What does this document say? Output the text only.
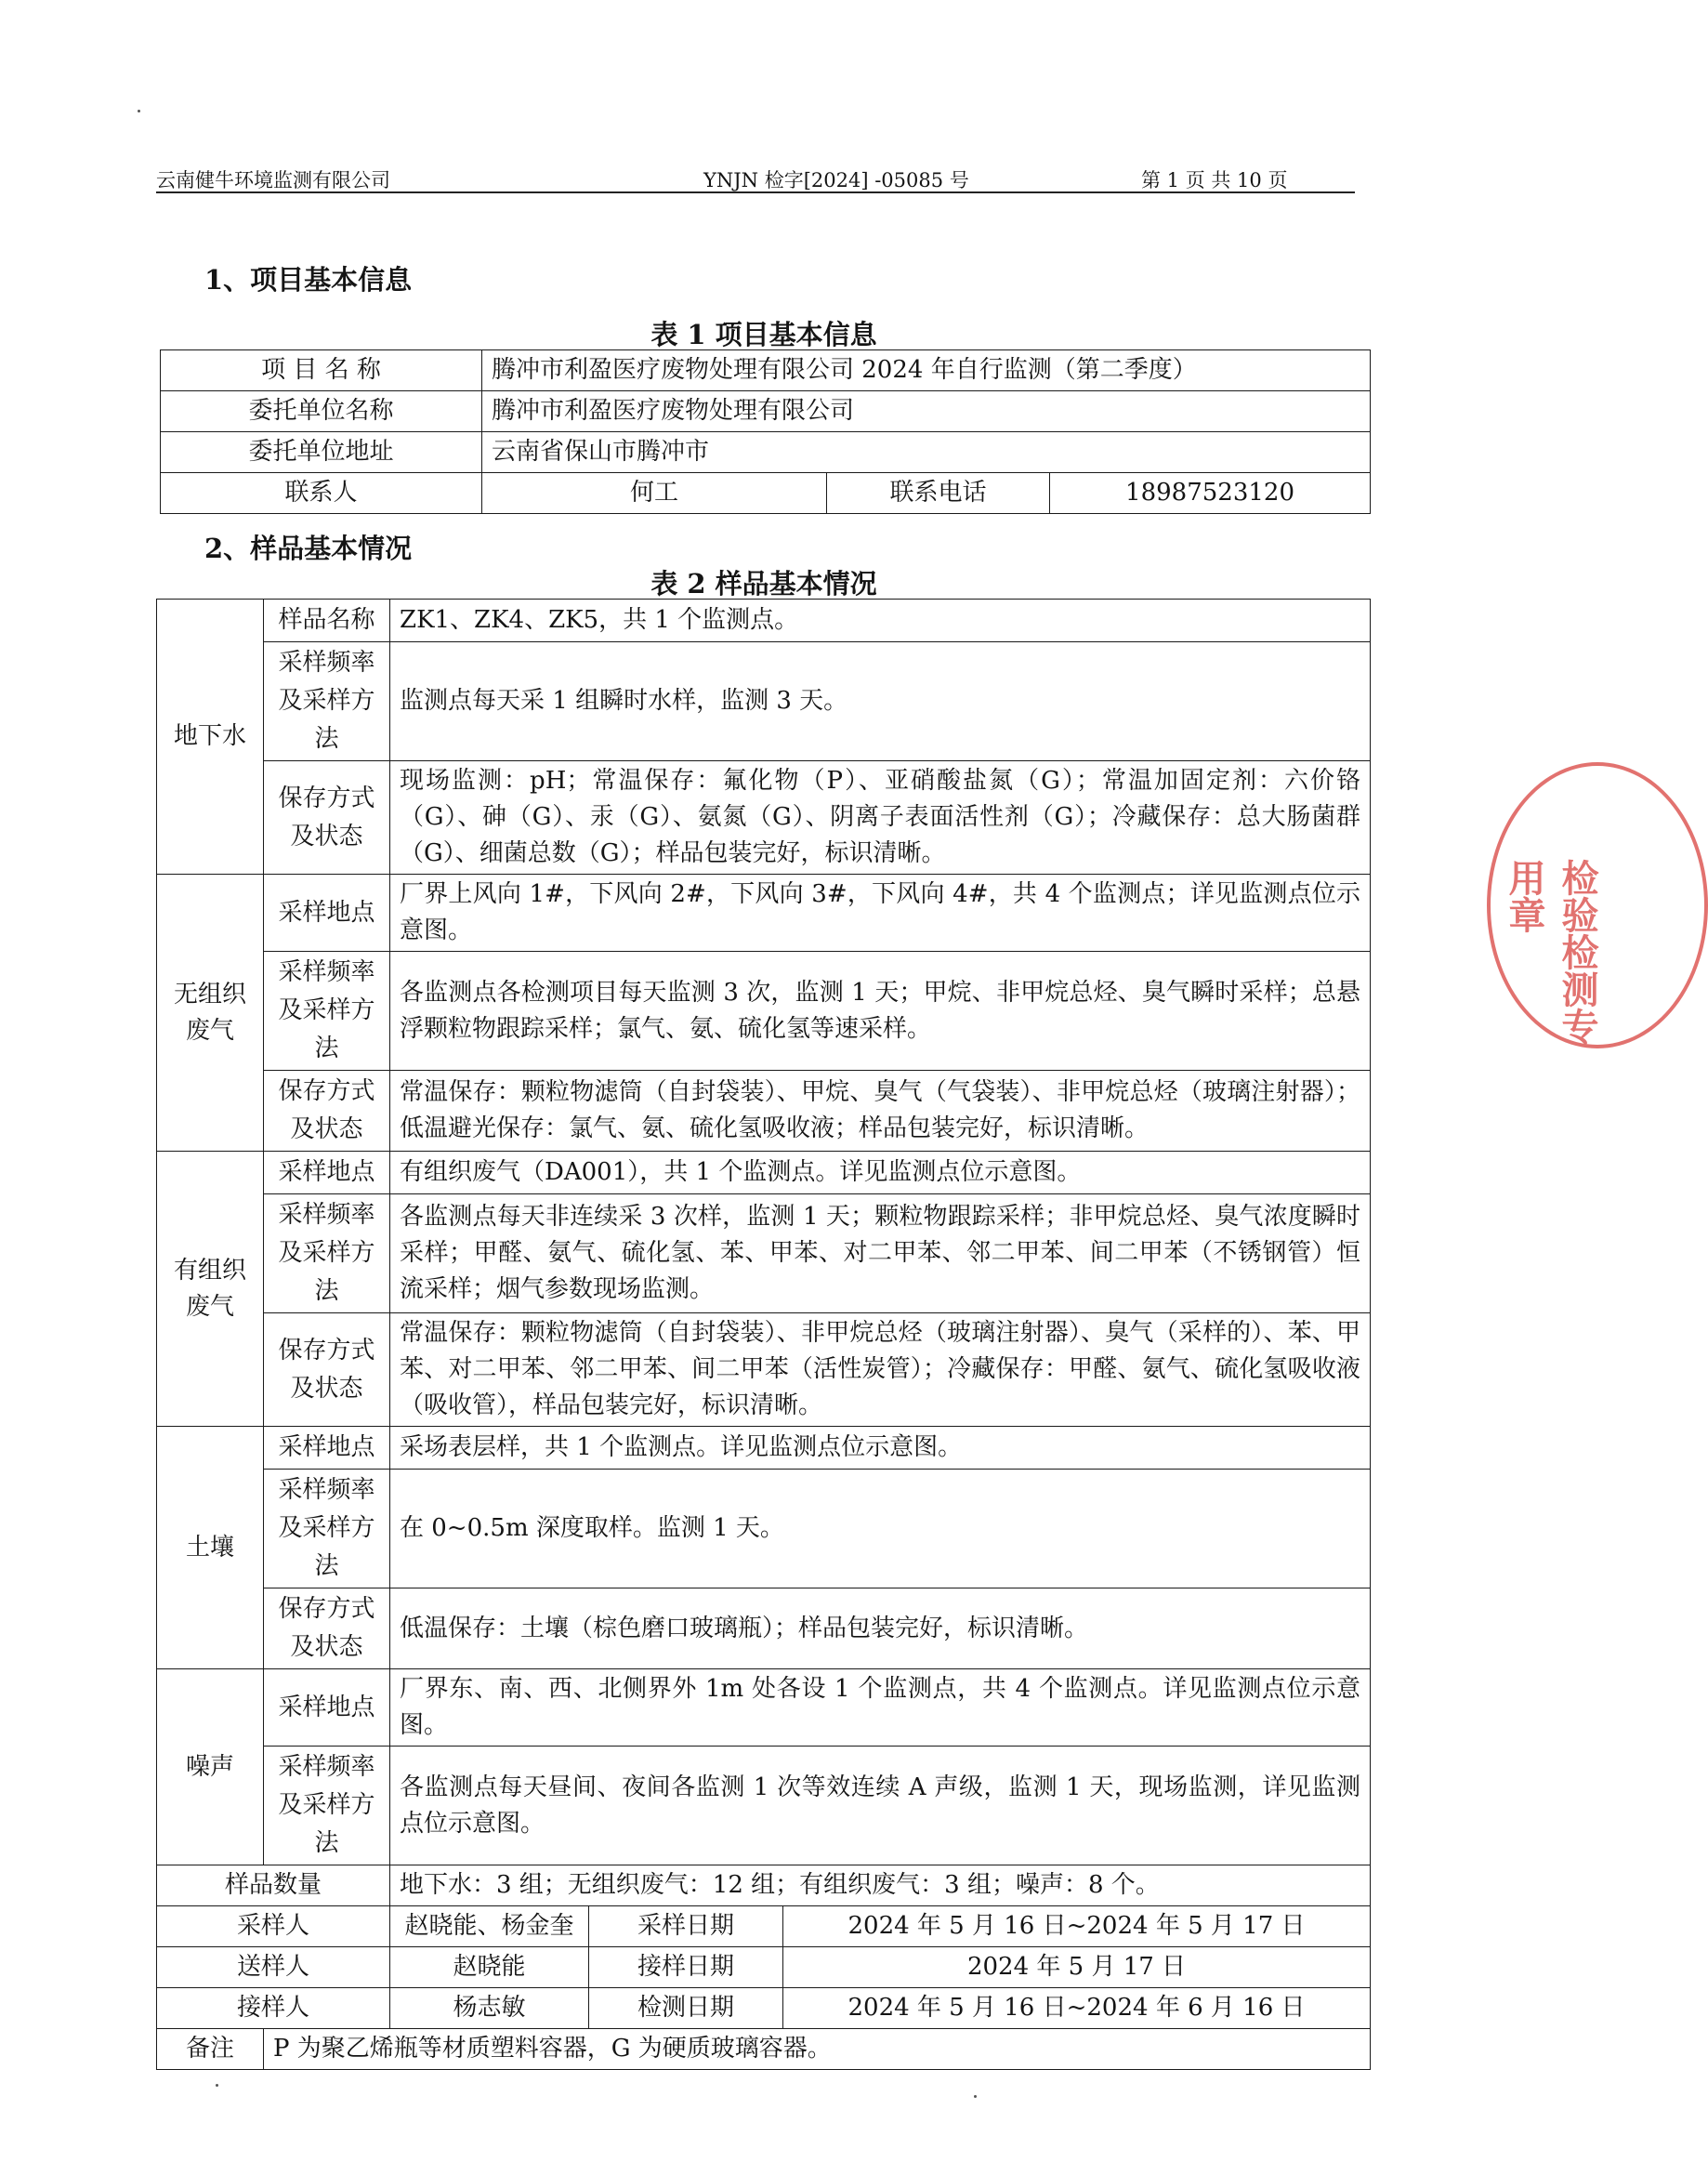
云南健牛环境监测有限公司	YNJN 检字[2024] -05085 号	第 1 页 共 10 页
1、项目基本信息
表 1 项目基本信息
项 目 名 称	腾冲市利盈医疗废物处理有限公司 2024 年自行监测（第二季度）		
委托单位名称	腾冲市利盈医疗废物处理有限公司		
委托单位地址	云南省保山市腾冲市		
联系人	何工	联系电话	18987523120
2、样品基本情况
表 2 样品基本情况
地下水	样品名称	ZK1、ZK4、ZK5，共 1 个监测点。		
	采样频率及采样方法	监测点每天采 1 组瞬时水样，监测 3 天。		
	保存方式及状态	现场监测：pH；常温保存：氟化物（P）、亚硝酸盐氮（G）；常温加固定剂：六价铬（G）、砷（G）、汞（G）、氨氮（G）、阴离子表面活性剂（G）；冷藏保存：总大肠菌群（G）、细菌总数（G）；样品包装完好，标识清晰。		
无组织废气	采样地点	厂界上风向 1#，下风向 2#，下风向 3#，下风向 4#，共 4 个监测点；详见监测点位示意图。		
	采样频率及采样方法	各监测点各检测项目每天监测 3 次，监测 1 天；甲烷、非甲烷总烃、臭气瞬时采样；总悬浮颗粒物跟踪采样；氯气、氨、硫化氢等速采样。		
	保存方式及状态	常温保存：颗粒物滤筒（自封袋装）、甲烷、臭气（气袋装）、非甲烷总烃（玻璃注射器）；低温避光保存：氯气、氨、硫化氢吸收液；样品包装完好，标识清晰。		
有组织废气	采样地点	有组织废气（DA001），共 1 个监测点。详见监测点位示意图。		
	采样频率及采样方法	各监测点每天非连续采 3 次样，监测 1 天；颗粒物跟踪采样；非甲烷总烃、臭气浓度瞬时采样；甲醛、氨气、硫化氢、苯、甲苯、对二甲苯、邻二甲苯、间二甲苯（不锈钢管）恒流采样；烟气参数现场监测。		
	保存方式及状态	常温保存：颗粒物滤筒（自封袋装）、非甲烷总烃（玻璃注射器）、臭气（采样的）、苯、甲苯、对二甲苯、邻二甲苯、间二甲苯（活性炭管）；冷藏保存：甲醛、氨气、硫化氢吸收液（吸收管），样品包装完好，标识清晰。		
土壤	采样地点	采场表层样，共 1 个监测点。详见监测点位示意图。		
	采样频率及采样方法	在 0~0.5m 深度取样。监测 1 天。		
	保存方式及状态	低温保存：土壤（棕色磨口玻璃瓶）；样品包装完好，标识清晰。		
噪声	采样地点	厂界东、南、西、北侧界外 1m 处各设 1 个监测点，共 4 个监测点。详见监测点位示意图。		
	采样频率及采样方法	各监测点每天昼间、夜间各监测 1 次等效连续 A 声级，监测 1 天，现场监测，详见监测点位示意图。		
样品数量		地下水：3 组；无组织废气：12 组；有组织废气：3 组；噪声：8 个。		
采样人		赵晓能、杨金奎	采样日期	2024 年 5 月 16 日~2024 年 5 月 17 日
送样人		赵晓能	接样日期	2024 年 5 月 17 日
接样人		杨志敏	检测日期	2024 年 5 月 16 日~2024 年 6 月 16 日
备注	P 为聚乙烯瓶等材质塑料容器，G 为硬质玻璃容器。			
检验检测专用章
